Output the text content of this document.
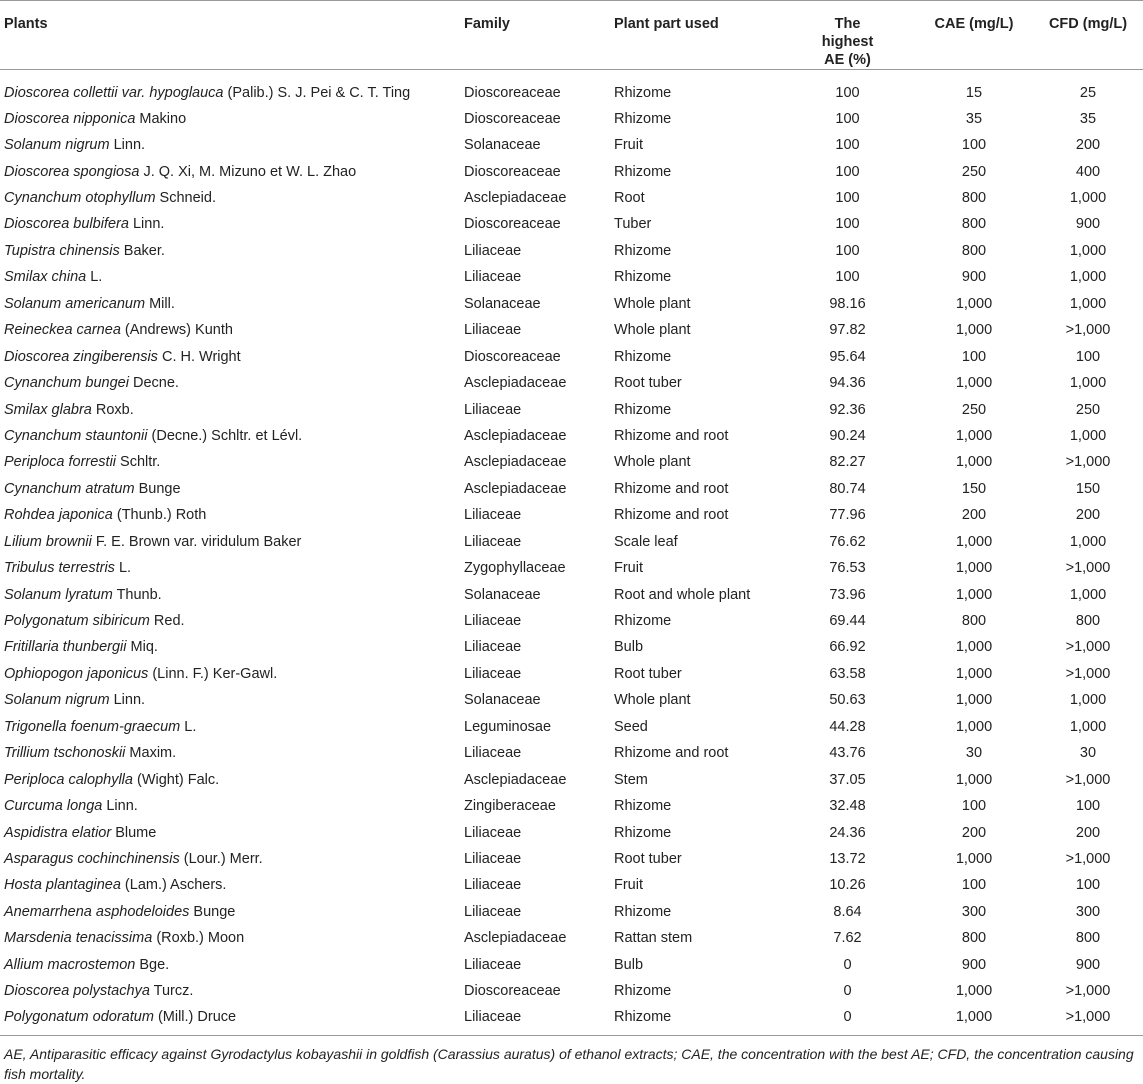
Plants	Family	Plant part used	The highest AE (%)	CAE (mg/L)	CFD (mg/L)
Dioscorea collettii var. hypoglauca (Palib.) S. J. Pei & C. T. Ting	Dioscoreaceae	Rhizome	100	15	25
Dioscorea nipponica Makino	Dioscoreaceae	Rhizome	100	35	35
Solanum nigrum Linn.	Solanaceae	Fruit	100	100	200
Dioscorea spongiosa J. Q. Xi, M. Mizuno et W. L. Zhao	Dioscoreaceae	Rhizome	100	250	400
Cynanchum otophyllum Schneid.	Asclepiadaceae	Root	100	800	1,000
Dioscorea bulbifera Linn.	Dioscoreaceae	Tuber	100	800	900
Tupistra chinensis Baker.	Liliaceae	Rhizome	100	800	1,000
Smilax china L.	Liliaceae	Rhizome	100	900	1,000
Solanum americanum Mill.	Solanaceae	Whole plant	98.16	1,000	1,000
Reineckea carnea (Andrews) Kunth	Liliaceae	Whole plant	97.82	1,000	>1,000
Dioscorea zingiberensis C. H. Wright	Dioscoreaceae	Rhizome	95.64	100	100
Cynanchum bungei Decne.	Asclepiadaceae	Root tuber	94.36	1,000	1,000
Smilax glabra Roxb.	Liliaceae	Rhizome	92.36	250	250
Cynanchum stauntonii (Decne.) Schltr. et Lévl.	Asclepiadaceae	Rhizome and root	90.24	1,000	1,000
Periploca forrestii Schltr.	Asclepiadaceae	Whole plant	82.27	1,000	>1,000
Cynanchum atratum Bunge	Asclepiadaceae	Rhizome and root	80.74	150	150
Rohdea japonica (Thunb.) Roth	Liliaceae	Rhizome and root	77.96	200	200
Lilium brownii F. E. Brown var. viridulum Baker	Liliaceae	Scale leaf	76.62	1,000	1,000
Tribulus terrestris L.	Zygophyllaceae	Fruit	76.53	1,000	>1,000
Solanum lyratum Thunb.	Solanaceae	Root and whole plant	73.96	1,000	1,000
Polygonatum sibiricum Red.	Liliaceae	Rhizome	69.44	800	800
Fritillaria thunbergii Miq.	Liliaceae	Bulb	66.92	1,000	>1,000
Ophiopogon japonicus (Linn. F.) Ker-Gawl.	Liliaceae	Root tuber	63.58	1,000	>1,000
Solanum nigrum Linn.	Solanaceae	Whole plant	50.63	1,000	1,000
Trigonella foenum-graecum L.	Leguminosae	Seed	44.28	1,000	1,000
Trillium tschonoskii Maxim.	Liliaceae	Rhizome and root	43.76	30	30
Periploca calophylla (Wight) Falc.	Asclepiadaceae	Stem	37.05	1,000	>1,000
Curcuma longa Linn.	Zingiberaceae	Rhizome	32.48	100	100
Aspidistra elatior Blume	Liliaceae	Rhizome	24.36	200	200
Asparagus cochinchinensis (Lour.) Merr.	Liliaceae	Root tuber	13.72	1,000	>1,000
Hosta plantaginea (Lam.) Aschers.	Liliaceae	Fruit	10.26	100	100
Anemarrhena asphodeloides Bunge	Liliaceae	Rhizome	8.64	300	300
Marsdenia tenacissima (Roxb.) Moon	Asclepiadaceae	Rattan stem	7.62	800	800
Allium macrostemon Bge.	Liliaceae	Bulb	0	900	900
Dioscorea polystachya Turcz.	Dioscoreaceae	Rhizome	0	1,000	>1,000
Polygonatum odoratum (Mill.) Druce	Liliaceae	Rhizome	0	1,000	>1,000
AE, Antiparasitic efficacy against Gyrodactylus kobayashii in goldfish (Carassius auratus) of ethanol extracts; CAE, the concentration with the best AE; CFD, the concentration causing fish mortality.
